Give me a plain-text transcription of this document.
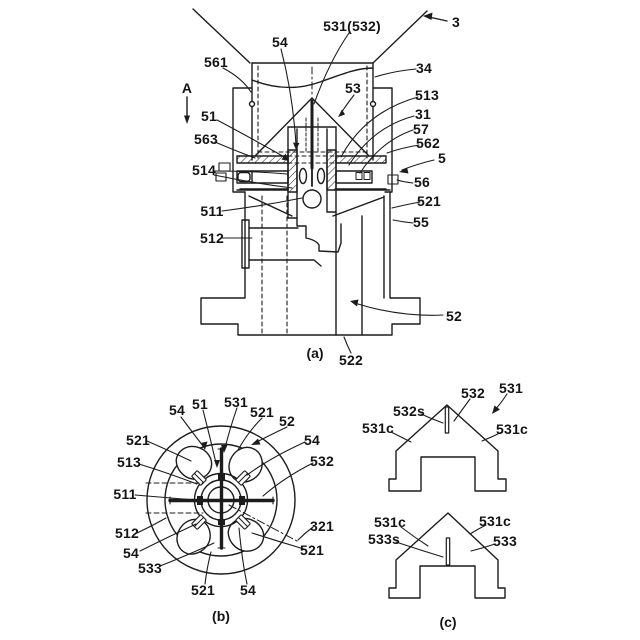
3
531(532)
54
561	34
A	53	513
31
51
57
563	562
5
514
56
521
511
55
512
52
522
54 51 531
521
52
521	54
513	532
511
321
512
54	521
533
521 54
532 531
532s
531c	531c
531c	531c
533s	533
(a)
(b)	(c)
